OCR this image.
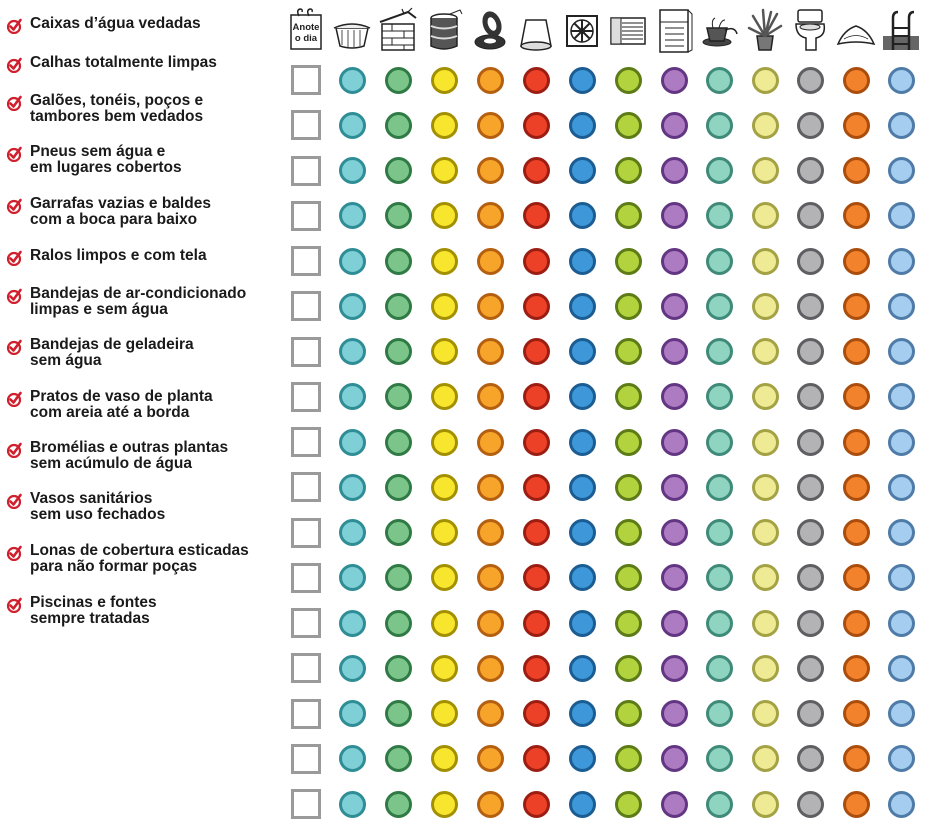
Caixas d’água vedadas
Calhas totalmente limpas
Galões, tonéis, poços e
tambores bem vedados
Pneus sem água e
em lugares cobertos
Garrafas vazias e baldes
com a boca para baixo
Ralos limpos e com tela
Bandejas de ar-condicionado
limpas e sem água
Bandejas de geladeira
sem água
Pratos de vaso de planta
com areia até a borda
Bromélias e outras plantas
sem acúmulo de água
Vasos sanitários
sem uso fechados
Lonas de cobertura esticadas
para não formar poças
Piscinas e fontes
sempre tratadas
Anote
o dia
